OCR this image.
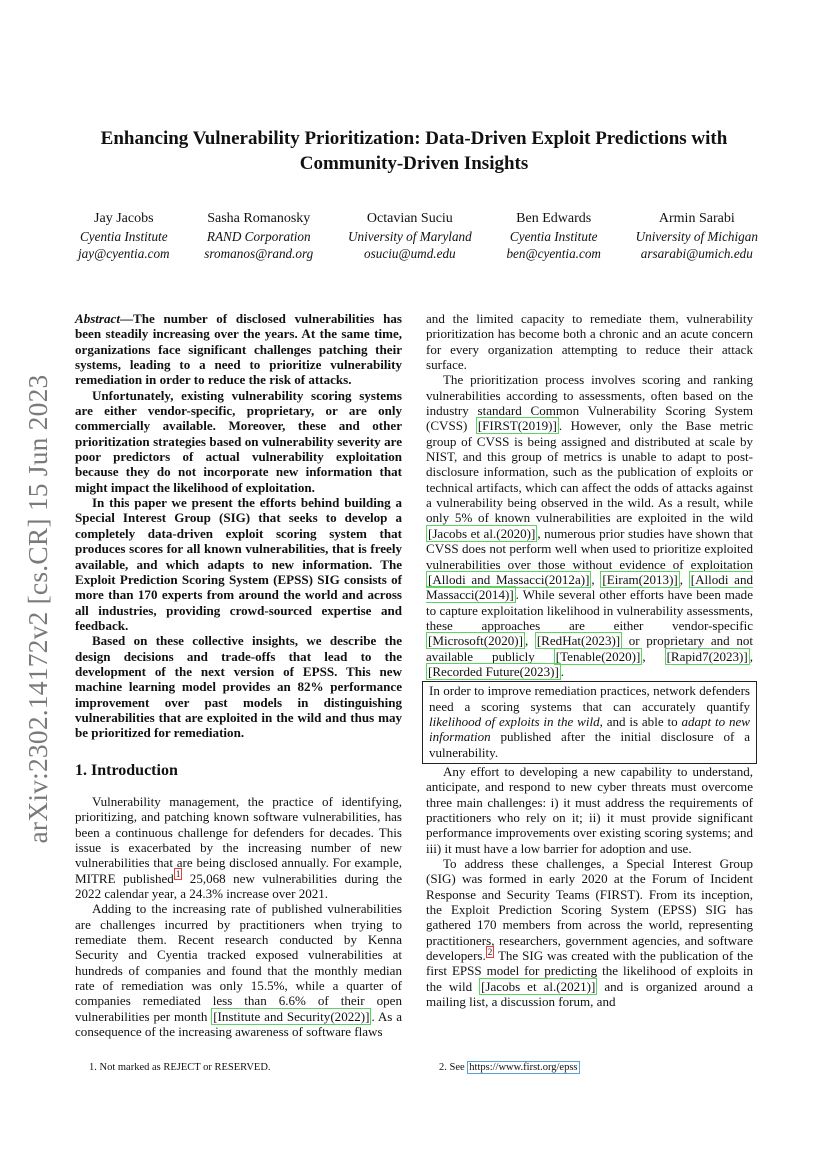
arXiv:2302.14172v2 [cs.CR] 15 Jun 2023
Enhancing Vulnerability Prioritization: Data-Driven Exploit Predictions with Community-Driven Insights
Jay Jacobs
Cyentia Institute
jay@cyentia.com
Sasha Romanosky
RAND Corporation
sromanos@rand.org
Octavian Suciu
University of Maryland
osuciu@umd.edu
Ben Edwards
Cyentia Institute
ben@cyentia.com
Armin Sarabi
University of Michigan
arsarabi@umich.edu

Abstract—The number of disclosed vulnerabilities has been steadily increasing over the years. At the same time, organizations face significant challenges patching their systems, leading to a need to prioritize vulnerability remediation in order to reduce the risk of attacks.

Unfortunately, existing vulnerability scoring systems are either vendor-specific, proprietary, or are only commercially available. Moreover, these and other prioritization strategies based on vulnerability severity are poor predictors of actual vulnerability exploitation because they do not incorporate new information that might impact the likelihood of exploitation.

In this paper we present the efforts behind building a Special Interest Group (SIG) that seeks to develop a completely data-driven exploit scoring system that produces scores for all known vulnerabilities, that is freely available, and which adapts to new information. The Exploit Prediction Scoring System (EPSS) SIG consists of more than 170 experts from around the world and across all industries, providing crowd-sourced expertise and feedback.

Based on these collective insights, we describe the design decisions and trade-offs that lead to the development of the next version of EPSS. This new machine learning model provides an 82% performance improvement over past models in distinguishing vulnerabilities that are exploited in the wild and thus may be prioritized for remediation.

1. Introduction

Vulnerability management, the practice of identifying, prioritizing, and patching known software vulnerabilities, has been a continuous challenge for defenders for decades. This issue is exacerbated by the increasing number of new vulnerabilities that are being disclosed annually. For example, MITRE published $^1$ 25,068 new vulnerabilities during the 2022 calendar year, a 24.3% increase over 2021.

Adding to the increasing rate of published vulnerabilities are challenges incurred by practitioners when trying to remediate them. Recent research conducted by Kenna Security and Cyentia tracked exposed vulnerabilities at hundreds of companies and found that the monthly median rate of remediation was only 15.5%, while a quarter of companies remediated less than 6.6% of their open vulnerabilities per month [Institute and Security(2022)] . As a consequence of the increasing awareness of software flaws

and the limited capacity to remediate them, vulnerability prioritization has become both a chronic and an acute concern for every organization attempting to reduce their attack surface.

The prioritization process involves scoring and ranking vulnerabilities according to assessments, often based on the industry standard Common Vulnerability Scoring System (CVSS) [FIRST(2019)] . However, only the Base metric group of CVSS is being assigned and distributed at scale by NIST, and this group of metrics is unable to adapt to post-disclosure information, such as the publication of exploits or technical artifacts, which can affect the odds of attacks against a vulnerability being observed in the wild. As a result, while only 5% of known vulnerabilities are exploited in the wild [Jacobs et al.(2020)] , numerous prior studies have shown that CVSS does not perform well when used to prioritize exploited vulnerabilities over those without evidence of exploitation [Allodi and Massacci(2012a)] , [Eiram(2013)] , [Allodi and Massacci(2014)] . While several other efforts have been made to capture exploitation likelihood in vulnerability assessments, these approaches are either vendor-specific [Microsoft(2020)] , [RedHat(2023)] or proprietary and not available publicly [Tenable(2020)] , [Rapid7(2023)] , [Recorded Future(2023)] .

In order to improve remediation practices, network defenders need a scoring systems that can accurately quantify likelihood of exploits in the wild, and is able to adapt to new information published after the initial disclosure of a vulnerability.

Any effort to developing a new capability to understand, anticipate, and respond to new cyber threats must overcome three main challenges: i) it must address the requirements of practitioners who rely on it; ii) it must provide significant performance improvements over existing scoring systems; and iii) it must have a low barrier for adoption and use.

To address these challenges, a Special Interest Group (SIG) was formed in early 2020 at the Forum of Incident Response and Security Teams (FIRST). From its inception, the Exploit Prediction Scoring System (EPSS) SIG has gathered 170 members from across the world, representing practitioners, researchers, government agencies, and software developers. $^2$ The SIG was created with the publication of the first EPSS model for predicting the likelihood of exploits in the wild [Jacobs et al.(2021)] and is organized around a mailing list, a discussion forum, and

1. Not marked as REJECT or RESERVED.	2. See https://www.first.org/epss
